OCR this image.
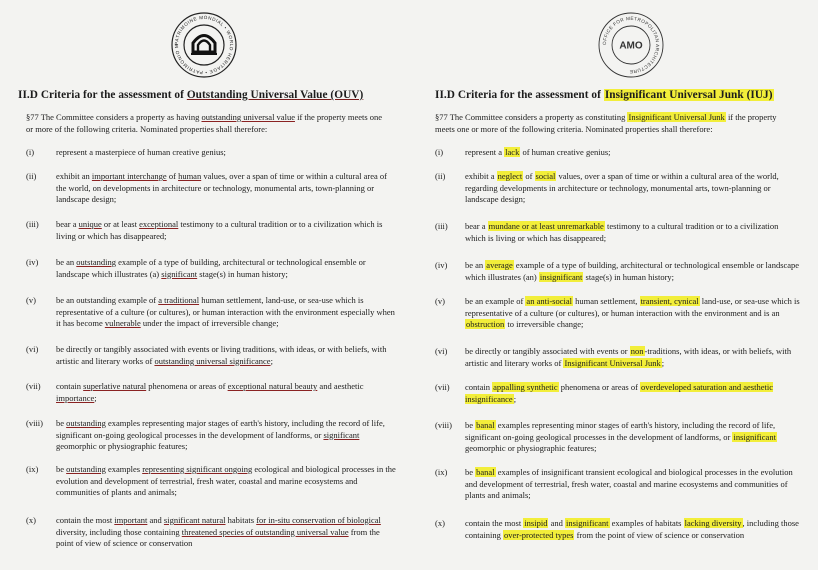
PATRIMOINE MONDIAL • WORLD HERITAGE • PATRIMONIO M
II.D Criteria for the assessment of Outstanding Universal Value (OUV)
§77 The Committee considers a property as having outstanding universal value if the property meets one or more of the following criteria. Nominated properties shall therefore:
(i)	represent a masterpiece of human creative genius;
(ii)	exhibit an important interchange of human values, over a span of time or within a cultural area of the world, on developments in architecture or technology, monumental arts, town-planning or landscape design;
(iii)	bear a unique or at least exceptional testimony to a cultural tradition or to a civilization which is living or which has disappeared;
(iv)	be an outstanding example of a type of building, architectural or technological ensemble or landscape which illustrates (a) significant stage(s) in human history;
(v)	be an outstanding example of a traditional human settlement, land-use, or sea-use which is representative of a culture (or cultures), or human interaction with the environment especially when it has become vulnerable under the impact of irreversible change;
(vi)	be directly or tangibly associated with events or living traditions, with ideas, or with beliefs, with artistic and literary works of outstanding universal significance;
(vii)	contain superlative natural phenomena or areas of exceptional natural beauty and aesthetic importance;
(viii)	be outstanding examples representing major stages of earth's history, including the record of life, significant on-going geological processes in the development of landforms, or significant geomorphic or physiographic features;
(ix)	be outstanding examples representing significant ongoing ecological and biological processes in the evolution and development of terrestrial, fresh water, coastal and marine ecosystems and communities of plants and animals;
(x)	contain the most important and significant natural habitats for in-situ conservation of biological diversity, including those containing threatened species of outstanding universal value from the point of view of science or conservation
OFFICE FOR METROPOLITAN ARCHITECTURE
AMO
II.D Criteria for the assessment of Insignificant Universal Junk (IUJ)
§77 The Committee considers a property as constituting Insignificant Universal Junk if the property meets one or more of the following criteria. Nominated properties shall therefore:
(i)	represent a lack of human creative genius;
(ii)	exhibit a neglect of social values, over a span of time or within a cultural area of the world, regarding developments in architecture or technology, monumental arts, town-planning or landscape design;
(iii)	bear a mundane or at least unremarkable testimony to a cultural tradition or to a civilization which is living or which has disappeared;
(iv)	be an average example of a type of building, architectural or technological ensemble or landscape which illustrates (an) insignificant stage(s) in human history;
(v)	be an example of an anti-social human settlement, transient, cynical land-use, or sea-use which is representative of a culture (or cultures), or human interaction with the environment and is an obstruction to irreversible change;
(vi)	be directly or tangibly associated with events or non-traditions, with ideas, or with beliefs, with artistic and literary works of Insignificant Universal Junk;
(vii)	contain appalling synthetic phenomena or areas of overdeveloped saturation and aesthetic insignificance;
(viii)	be banal examples representing minor stages of earth's history, including the record of life, significant on-going geological processes in the development of landforms, or insignificant geomorphic or physiographic features;
(ix)	be banal examples of insignificant transient ecological and biological processes in the evolution and development of terrestrial, fresh water, coastal and marine ecosystems and communities of plants and animals;
(x)	contain the most insipid and insignificant examples of habitats lacking diversity, including those containing over-protected types from the point of view of science or conservation
